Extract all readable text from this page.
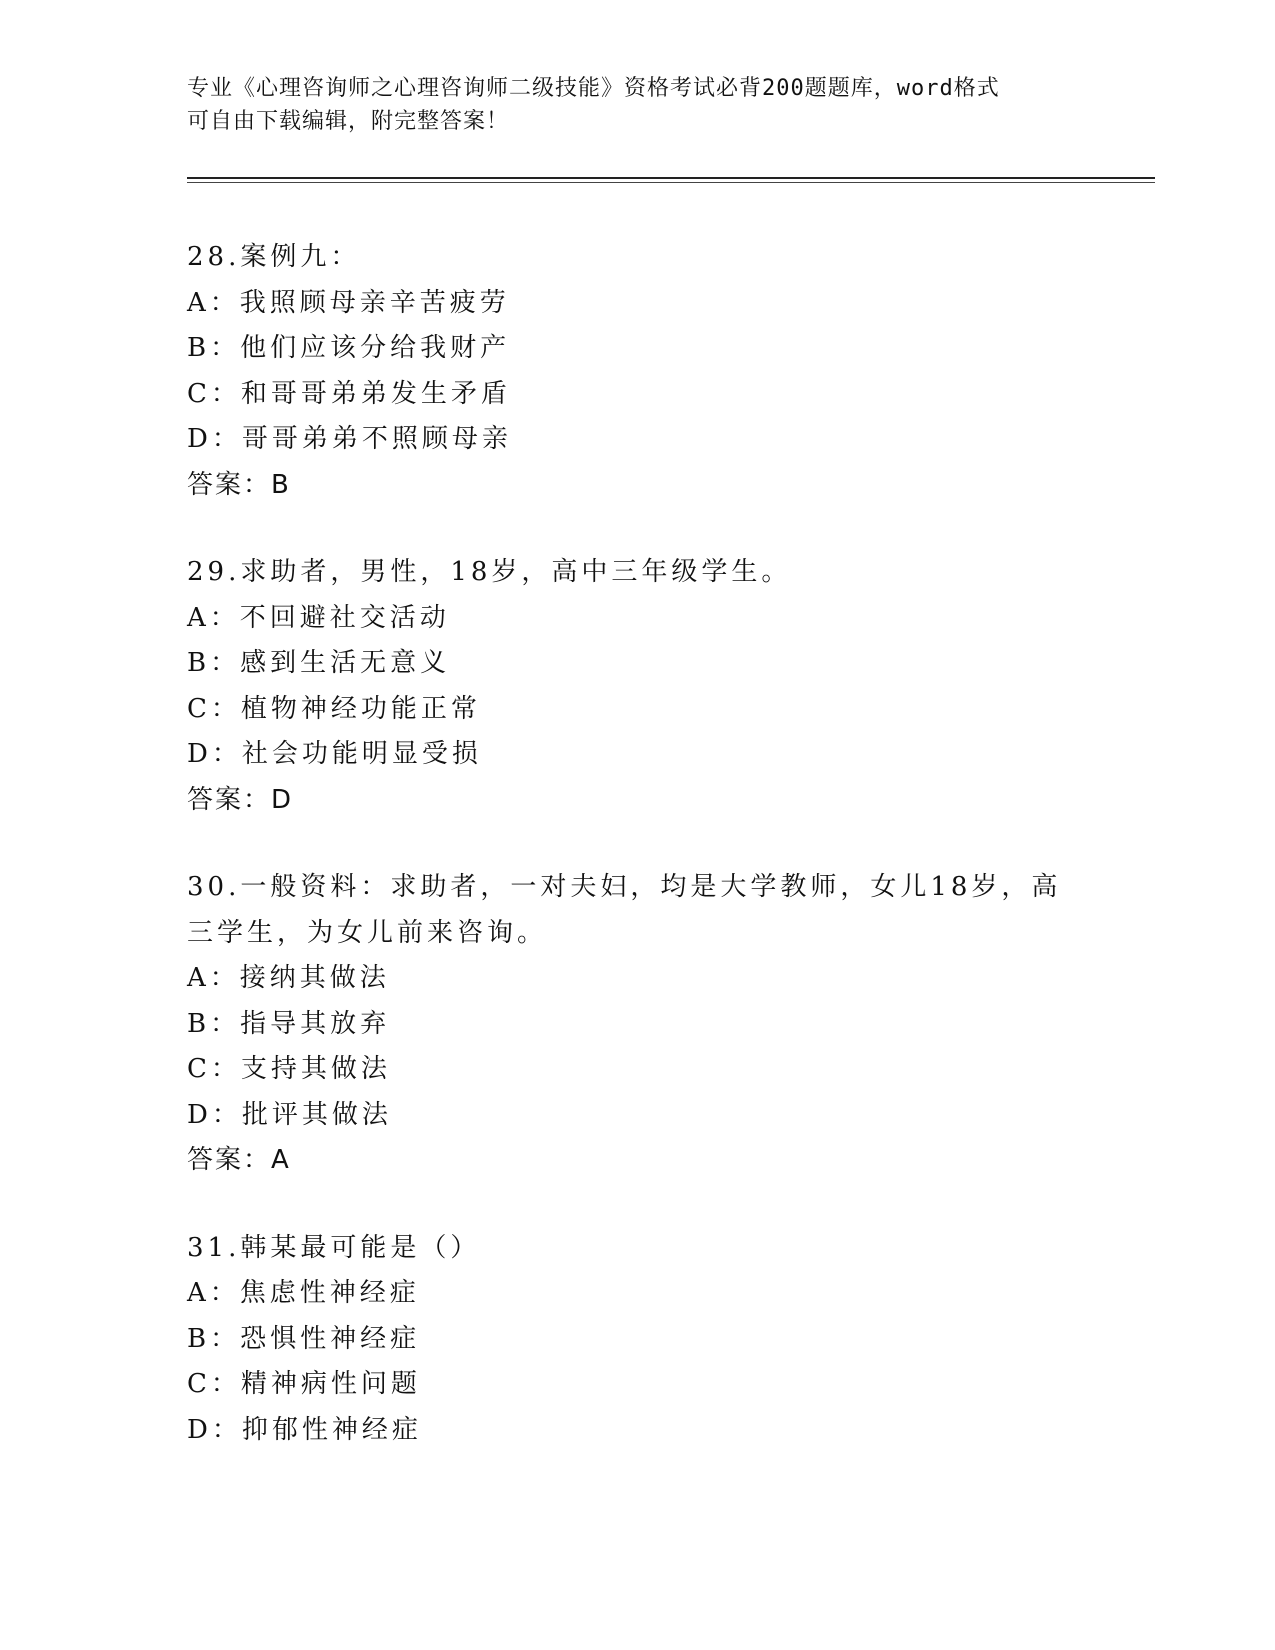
专业《心理咨询师之心理咨询师二级技能》资格考试必背200题题库，word格式
可自由下载编辑，附完整答案！
28.案例九：
A：我照顾母亲辛苦疲劳
B：他们应该分给我财产
C：和哥哥弟弟发生矛盾
D：哥哥弟弟不照顾母亲
答案：B
29.求助者，男性，18岁，高中三年级学生。
A：不回避社交活动
B：感到生活无意义
C：植物神经功能正常
D：社会功能明显受损
答案：D
30.一般资料：求助者，一对夫妇，均是大学教师，女儿18岁，高三学生，为女儿前来咨询。
A：接纳其做法
B：指导其放弃
C：支持其做法
D：批评其做法
答案：A
31.韩某最可能是（）
A：焦虑性神经症
B：恐惧性神经症
C：精神病性问题
D：抑郁性神经症
